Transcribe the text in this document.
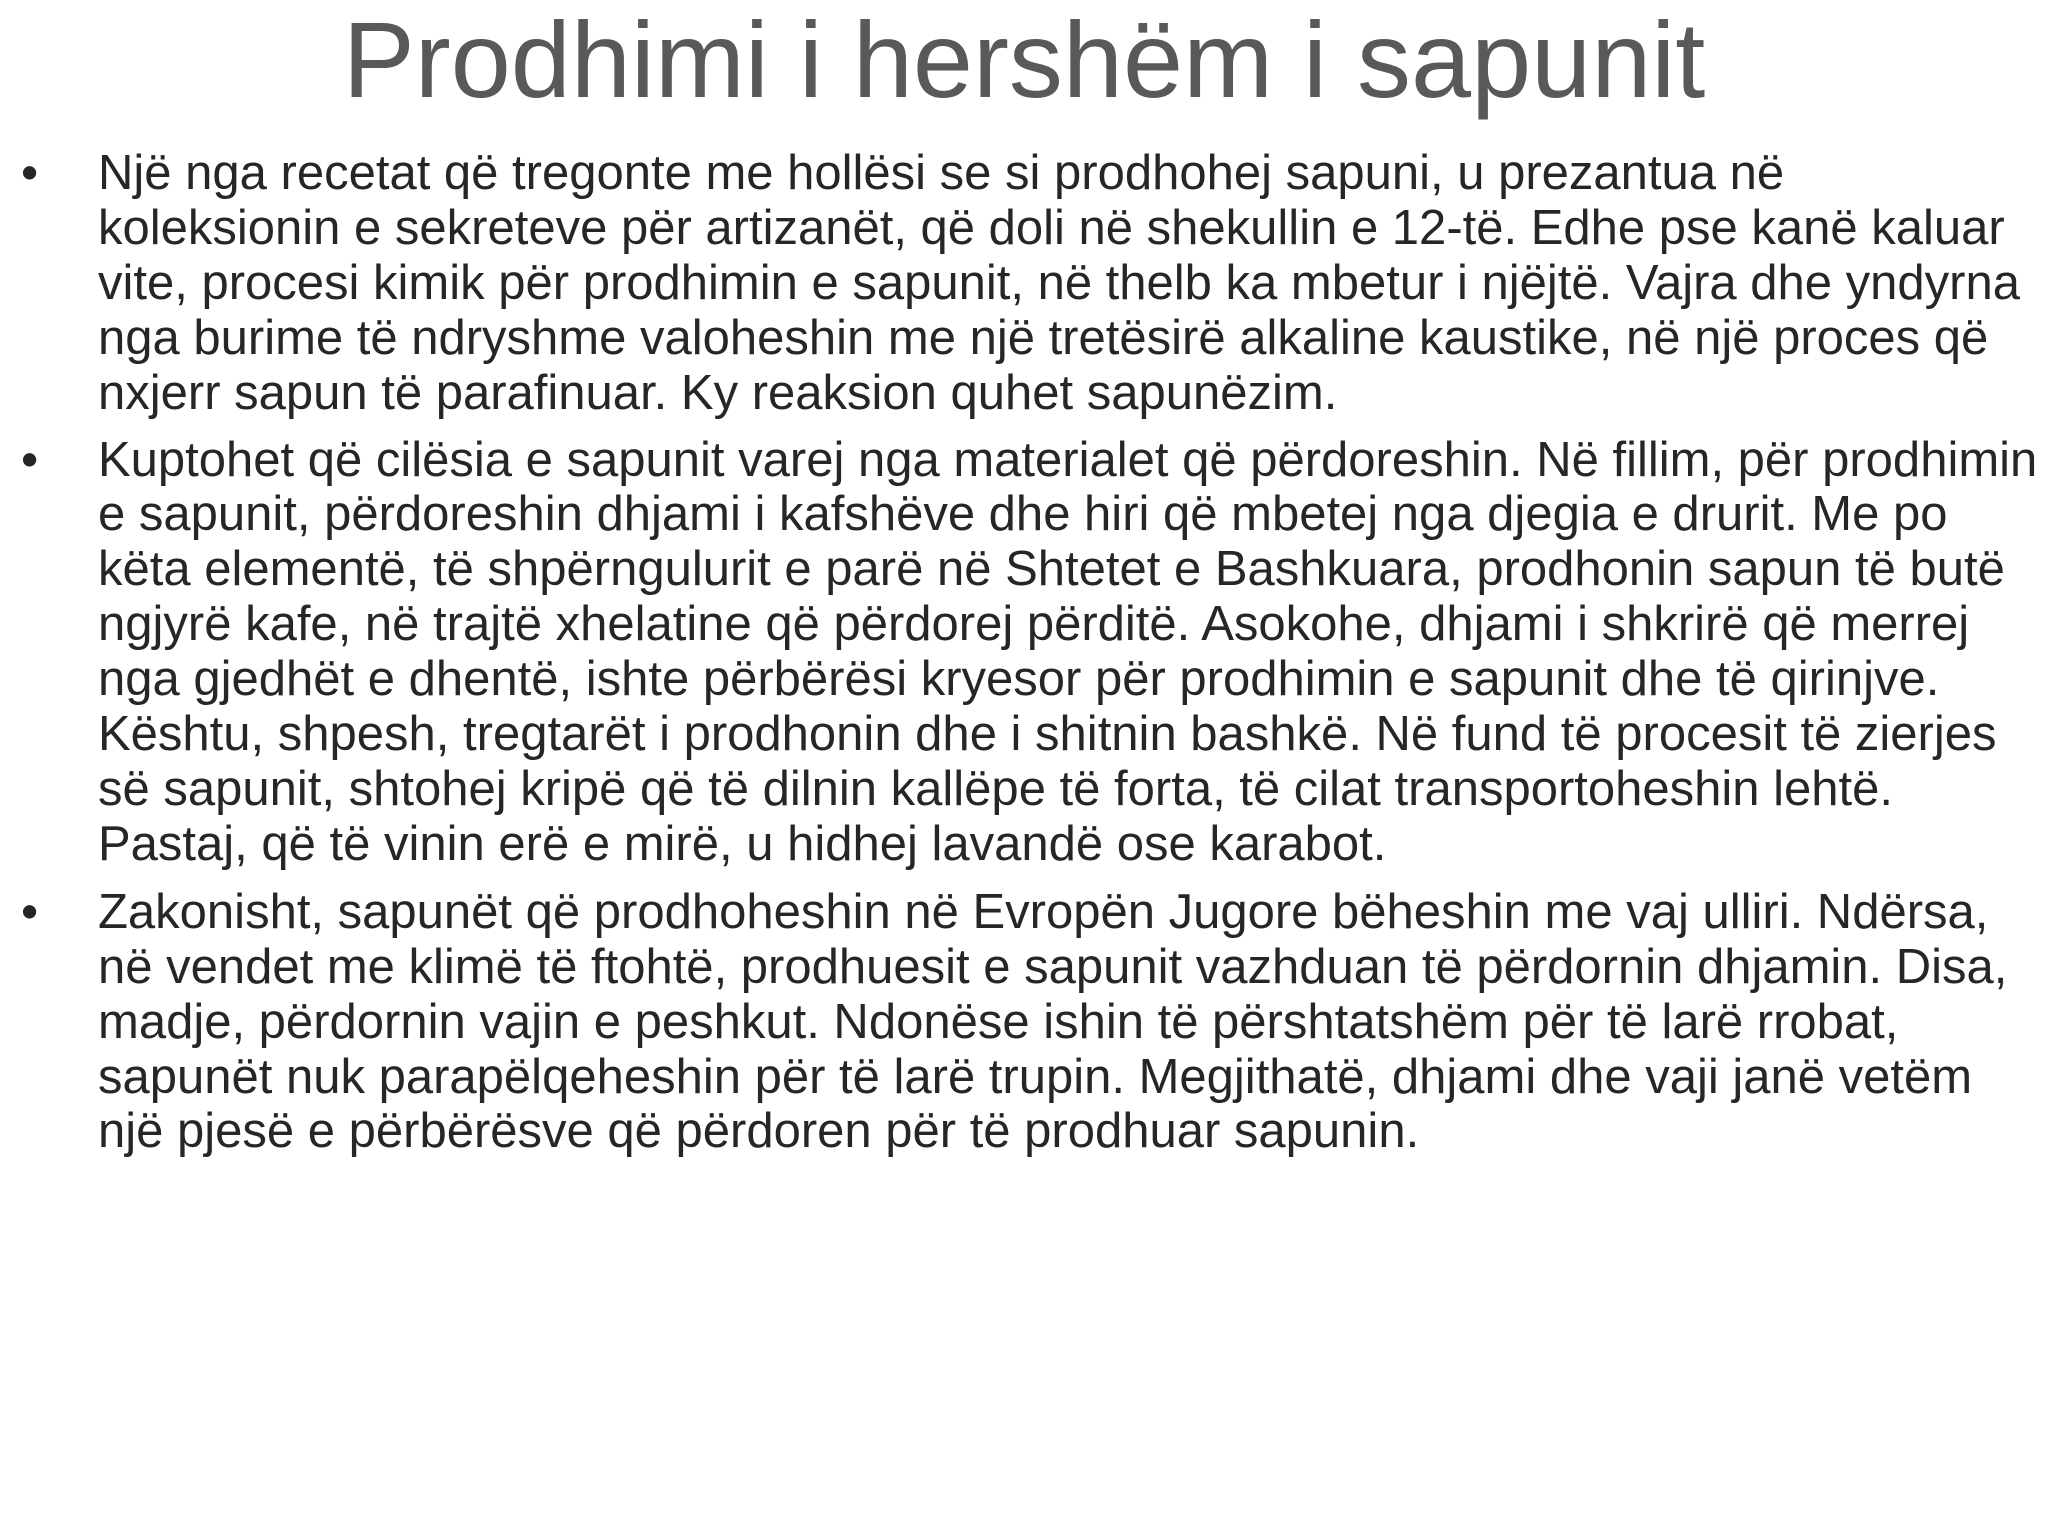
Prodhimi i hershëm i sapunit
•	Një nga recetat që tregonte me hollësi se si prodhohej sapuni, u prezantua në koleksionin e sekreteve për artizanët, që doli në shekullin e 12-të. Edhe pse kanë kaluar vite, procesi kimik për prodhimin e sapunit, në thelb ka mbetur i njëjtë. Vajra dhe yndyrna nga burime të ndryshme valoheshin me një tretësirë alkaline kaustike, në një proces që nxjerr sapun të parafinuar. Ky reaksion quhet sapunëzim.
•	Kuptohet që cilësia e sapunit varej nga materialet që përdoreshin. Në fillim, për prodhimin e sapunit, përdoreshin dhjami i kafshëve dhe hiri që mbetej nga djegia e drurit. Me po këta elementë, të shpërngulurit e parë në Shtetet e Bashkuara, prodhonin sapun të butë ngjyrë kafe, në trajtë xhelatine që përdorej përditë. Asokohe, dhjami i shkrirë që merrej nga gjedhët e dhentë, ishte përbërësi kryesor për prodhimin e sapunit dhe të qirinjve. Kështu, shpesh, tregtarët i prodhonin dhe i shitnin bashkë. Në fund të procesit të zierjes së sapunit, shtohej kripë që të dilnin kallëpe të forta, të cilat transportoheshin lehtë. Pastaj, që të vinin erë e mirë, u hidhej lavandë ose karabot.
•	Zakonisht, sapunët që prodhoheshin në Evropën Jugore bëheshin me vaj ulliri. Ndërsa, në vendet me klimë të ftohtë, prodhuesit e sapunit vazhduan të përdornin dhjamin. Disa, madje, përdornin vajin e peshkut. Ndonëse ishin të përshtatshëm për të larë rrobat, sapunët nuk parapëlqeheshin për të larë trupin. Megjithatë, dhjami dhe vaji janë vetëm një pjesë e përbërësve që përdoren për të prodhuar sapunin.
